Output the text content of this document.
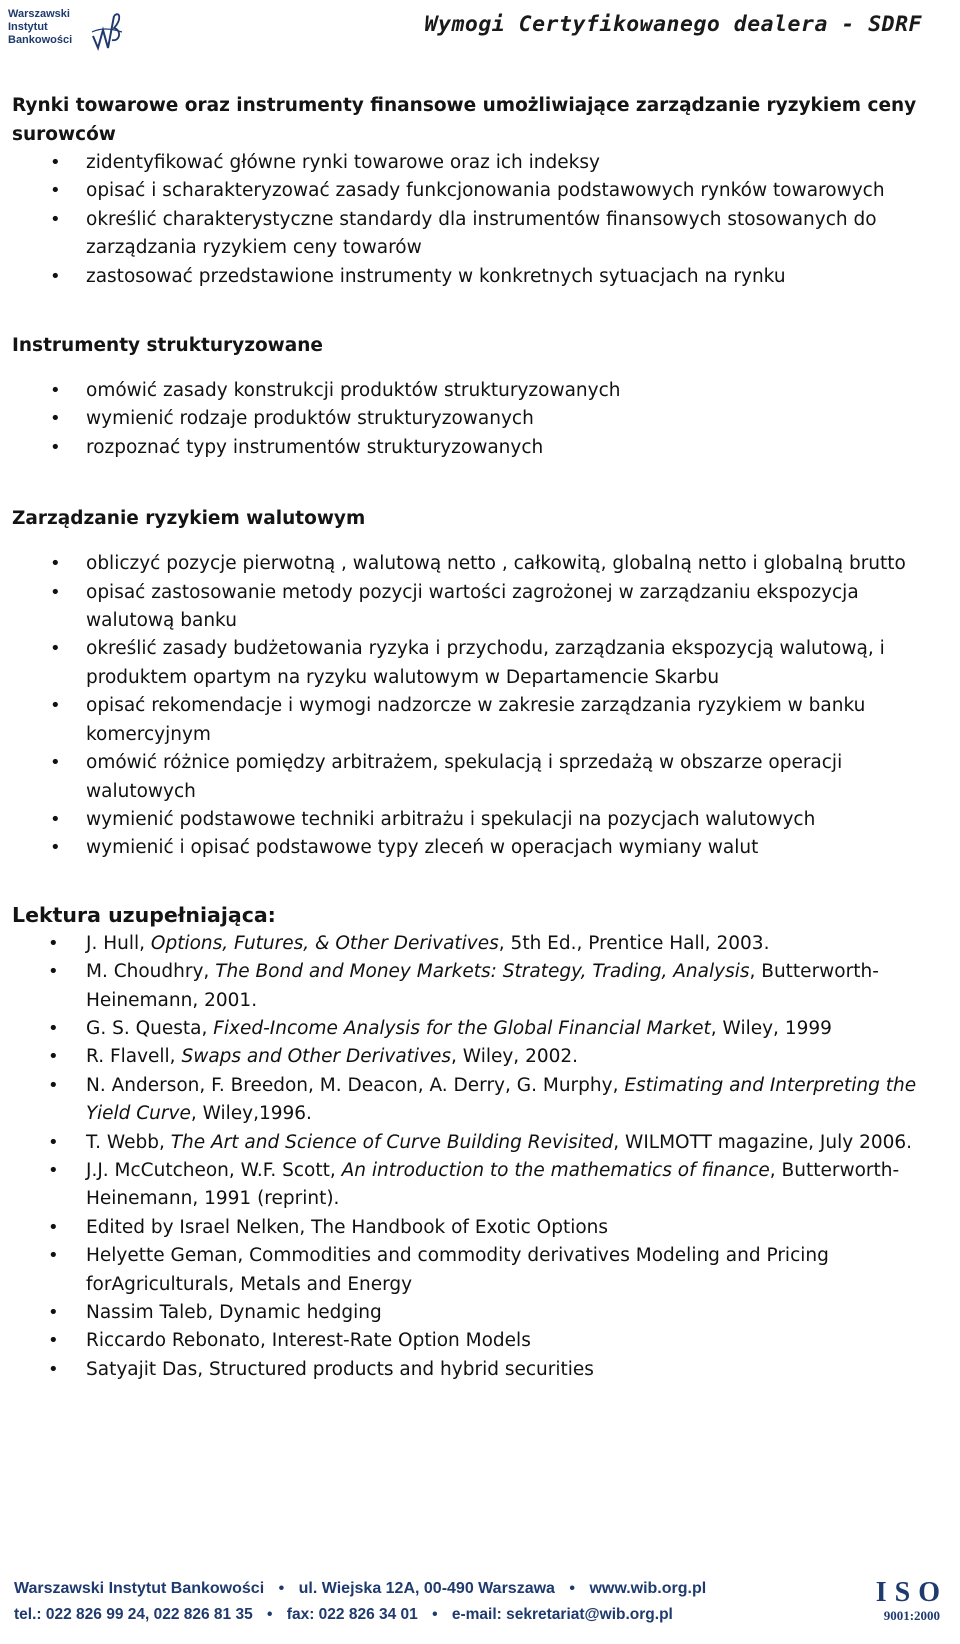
Warszawski
Instytut
Bankowości
Wymogi Certyfikowanego dealera - SDRF
Rynki towarowe oraz instrumenty finansowe umożliwiające zarządzanie ryzykiem ceny surowców
• zidentyfikować główne rynki towarowe oraz ich indeksy
• opisać i scharakteryzować zasady funkcjonowania podstawowych rynków towarowych
• określić charakterystyczne standardy dla instrumentów finansowych stosowanych do zarządzania ryzykiem ceny towarów
• zastosować przedstawione instrumenty w konkretnych sytuacjach na rynku
Instrumenty strukturyzowane
• omówić zasady konstrukcji produktów strukturyzowanych
• wymienić rodzaje produktów strukturyzowanych
• rozpoznać typy instrumentów strukturyzowanych
Zarządzanie ryzykiem walutowym
• obliczyć pozycje pierwotną , walutową netto , całkowitą, globalną netto i globalną brutto
• opisać zastosowanie metody pozycji wartości zagrożonej w zarządzaniu ekspozycja walutową banku
• określić zasady budżetowania ryzyka i przychodu, zarządzania ekspozycją walutową, i produktem opartym na ryzyku walutowym w Departamencie Skarbu
• opisać rekomendacje i wymogi nadzorcze w zakresie zarządzania ryzykiem w banku komercyjnym
• omówić różnice pomiędzy arbitrażem, spekulacją i sprzedażą w obszarze operacji walutowych
• wymienić podstawowe techniki arbitrażu i spekulacji na pozycjach walutowych
• wymienić i opisać podstawowe typy zleceń w operacjach wymiany walut
Lektura uzupełniająca:
• J. Hull, Options, Futures, & Other Derivatives, 5th Ed., Prentice Hall, 2003.
• M. Choudhry, The Bond and Money Markets: Strategy, Trading, Analysis, Butterworth-Heinemann, 2001.
• G. S. Questa, Fixed-Income Analysis for the Global Financial Market, Wiley, 1999
• R. Flavell, Swaps and Other Derivatives, Wiley, 2002.
• N. Anderson, F. Breedon, M. Deacon, A. Derry, G. Murphy, Estimating and Interpreting the Yield Curve, Wiley,1996.
• T. Webb, The Art and Science of Curve Building Revisited, WILMOTT magazine, July 2006.
• J.J. McCutcheon, W.F. Scott, An introduction to the mathematics of finance, Butterworth-Heinemann, 1991 (reprint).
• Edited by Israel Nelken, The Handbook of Exotic Options
• Helyette Geman, Commodities and commodity derivatives Modeling and Pricing forAgriculturals, Metals and Energy
• Nassim Taleb, Dynamic hedging
• Riccardo Rebonato, Interest-Rate Option Models
• Satyajit Das, Structured products and hybrid securities
Warszawski Instytut Bankowości • ul. Wiejska 12A, 00-490 Warszawa • www.wib.org.pl
tel.: 022 826 99 24, 022 826 81 35 • fax: 022 826 34 01 • e-mail: sekretariat@wib.org.pl
ISO
9001:2000
